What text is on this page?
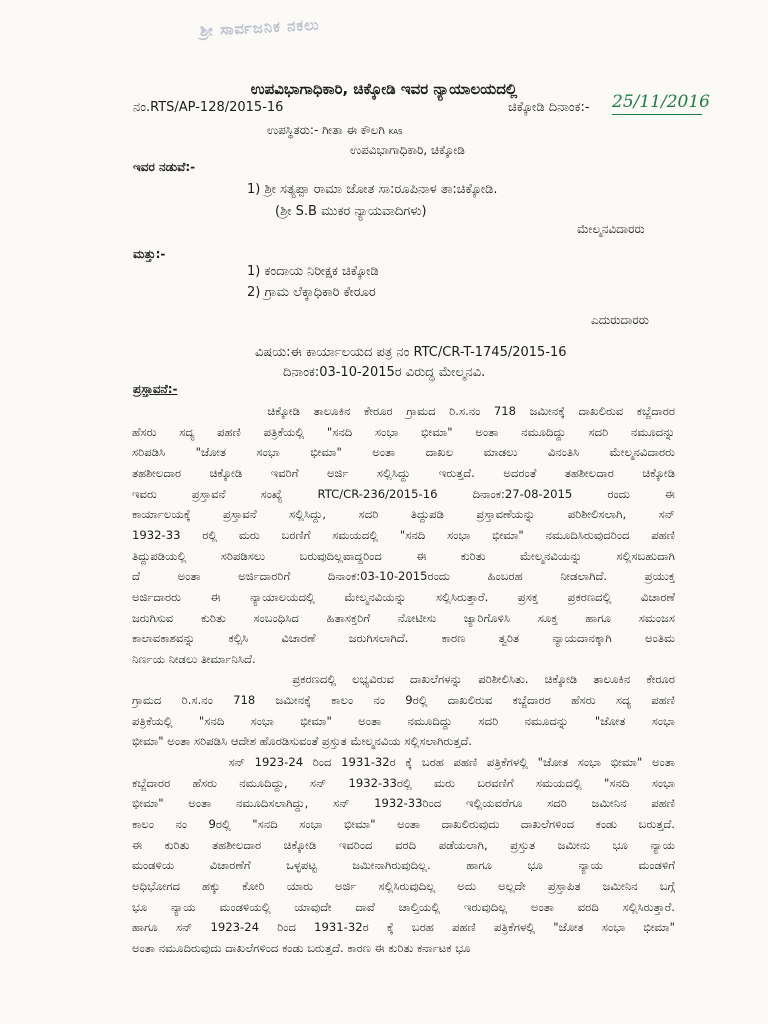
ಶ್ರೀ ಸಾರ್ವಜನಿಕ ನಕಲು
ಉಪವಿಭಾಗಾಧಿಕಾರಿ, ಚಿಕ್ಕೋಡಿ ಇವರ ನ್ಯಾಯಾಲಯದಲ್ಲಿ
ನಂ.RTS/AP-128/2015-16	ಚಿಕ್ಕೋಡಿ ದಿನಾಂಕ:- 25/11/2016
ಉಪಸ್ಥಿತರು:- ಗೀತಾ ಈ ಕೌಲಗಿ KAS
ಉಪವಿಭಾಗಾಧಿಕಾರಿ, ಚಿಕ್ಕೋಡಿ
ಇವರ ನಡುವೆ:-
1) ಶ್ರೀ ಸತ್ಯಪ್ಪಾ ರಾಮಾ ಜೋತ ಸಾ:ರೂಪಿನಾಳ ತಾ:ಚಿಕ್ಕೋಡಿ.
(ಶ್ರೀ S.B ಮುಕರ ನ್ಯಾಯವಾದಿಗಳು)
ಮೇಲ್ಮನವಿದಾರರು
ಮತ್ತು:-
1) ಕಂದಾಯ ನಿರೀಕ್ಷಕ ಚಿಕ್ಕೋಡಿ
2) ಗ್ರಾಮ ಲೆಕ್ಕಾಧಿಕಾರಿ ಕೇರೂರ
ಎದುರುದಾರರು
ವಿಷಯ:ಈ ಕಾರ್ಯಾಲಯದ ಪತ್ರ ನಂ RTC/CR-T-1745/2015-16
ದಿನಾಂಕ:03-10-2015ರ ವಿರುದ್ಧ ಮೇಲ್ಮನವಿ.
ಪ್ರಸ್ತಾವನೆ:-
ಚಿಕ್ಕೋಡಿ ತಾಲೂಕಿನ ಕೇರೂರ ಗ್ರಾಮದ ರಿ.ಸ.ನಂ 718 ಜಮೀನಕ್ಕೆ ದಾಖಲಿರುವ ಕಬ್ಜೆದಾರರ
ಹೆಸರು ಸದ್ಯ ಪಹಣಿ ಪತ್ರಿಕೆಯಲ್ಲಿ "ಸನದಿ ಸಂಭಾ ಭೀಮಾ" ಅಂತಾ ನಮೂದಿದ್ದು ಸದರಿ ನಮೂದನ್ನು
ಸರಿಪಡಿಸಿ "ಜೋತ ಸಂಭಾ ಭೀಮಾ" ಅಂತಾ ದಾಖಲ ಮಾಡಲು ವಿನಂತಿಸಿ ಮೇಲ್ಮನವಿದಾರರು
ತಹಶೀಲದಾರ ಚಿಕ್ಕೋಡಿ ಇವರಿಗೆ ಅರ್ಜಿ ಸಲ್ಲಿಸಿದ್ದು ಇರುತ್ತದೆ. ಅದರಂತೆ ತಹಶೀಲದಾರ ಚಿಕ್ಕೋಡಿ
ಇವರು ಪ್ರಸ್ತಾವನೆ ಸಂಖ್ಯೆ RTC/CR-236/2015-16 ದಿನಾಂಕ:27-08-2015 ರಂದು ಈ
ಕಾರ್ಯಾಲಯಕ್ಕೆ ಪ್ರಸ್ತಾವನೆ ಸಲ್ಲಿಸಿದ್ದು, ಸದರಿ ತಿದ್ದುಪಡಿ ಪ್ರಸ್ತಾವಣೆಯನ್ನು ಪರಿಶೀಲಿಸಲಾಗಿ, ಸನ್
1932-33 ರಲ್ಲಿ ಮರು ಬರಣಿಗೆ ಸಮಯದಲ್ಲಿ "ಸನದಿ ಸಂಭಾ ಭೀಮಾ" ನಮೂದಿಸಿರುವುದರಿಂದ ಪಹಣಿ
ತಿದ್ದುಪಡಿಯಲ್ಲಿ ಸರಿಪಡಿಸಲು ಬರುವುದಿಲ್ಲವಾದ್ದರಿಂದ ಈ ಕುರಿತು ಮೇಲ್ಮನವಿಯನ್ನು ಸಲ್ಲಿಸಬಹುದಾಗಿ
ದೆ ಅಂತಾ ಅರ್ಜಿದಾರರಿಗೆ ದಿನಾಂಕ:03-10-2015ರಂದು ಹಿಂಬರಹ ನೀಡಲಾಗಿದೆ. ಪ್ರಯುಕ್ತ
ಅರ್ಜಿದಾರರು ಈ ನ್ಯಾಯಾಲಯದಲ್ಲಿ ಮೇಲ್ಮನವಿಯನ್ನು ಸಲ್ಲಿಸಿರುತ್ತಾರೆ. ಪ್ರಸಕ್ತ ಪ್ರಕರಣದಲ್ಲಿ ವಿಚಾರಣೆ
ಜರುಗಿಸುವ ಕುರಿತು ಸಂಬಂಧಿಸಿದ ಹಿತಾಸಕ್ತರಿಗೆ ನೋಟೀಸು ಜ್ಯಾರಿಗೊಳಿಸಿ ಸೂಕ್ತ ಹಾಗೂ ಸಮಂಜಸ
ಕಾಲಾವಕಾಶವನ್ನು ಕಲ್ಪಿಸಿ ವಿಚಾರಣೆ ಜರುಗಿಸಲಾಗಿದೆ. ಕಾರಣ ತ್ವರಿತ ನ್ಯಾಯದಾನಕ್ಕಾಗಿ ಅಂತಿಮ
ನಿರ್ಣಯ ನೀಡಲು ತೀರ್ಮಾನಿಸಿದೆ.
ಪ್ರಕರಣದಲ್ಲಿ ಲಭ್ಯವಿರುವ ದಾಖಲೆಗಳನ್ನು ಪರಿಶೀಲಿಸಿತು. ಚಿಕ್ಕೋಡಿ ತಾಲೂಕಿನ ಕೇರೂರ
ಗ್ರಾಮದ ರಿ.ಸ.ನಂ 718 ಜಮೀನಕ್ಕೆ ಕಾಲಂ ನಂ 9ರಲ್ಲಿ ದಾಖಲಿರುವ ಕಬ್ಜೆದಾರರ ಹೆಸರು ಸದ್ಯ ಪಹಣಿ
ಪತ್ರಿಕೆಯಲ್ಲಿ "ಸನದಿ ಸಂಭಾ ಭೀಮಾ" ಅಂತಾ ನಮೂದಿದ್ದು ಸದರಿ ನಮೂದನ್ನು "ಜೋತ ಸಂಭಾ
ಭೀಮಾ" ಅಂತಾ ಸರಿಪಡಿಸಿ ಆದೇಶ ಹೊರಡಿಸುವಂತೆ ಪ್ರಸ್ತುತ ಮೇಲ್ಮನವಿಯ ಸಲ್ಲಿಸಲಾಗಿರುತ್ತದೆ.
ಸನ್ 1923-24 ರಿಂದ 1931-32ರ ಕ್ಕೆ ಬರಹ ಪಹಣಿ ಪತ್ರಿಕೆಗಳಲ್ಲಿ "ಜೋತ ಸಂಭಾ ಭೀಮಾ" ಅಂತಾ
ಕಬ್ಜೆದಾರರ ಹೆಸರು ನಮೂದಿದ್ದು, ಸನ್ 1932-33ರಲ್ಲಿ ಮರು ಬರವಣಿಗೆ ಸಮಯದಲ್ಲಿ "ಸನದಿ ಸಂಭಾ
ಭೀಮಾ" ಅಂತಾ ನಮೂದಿಸಲಾಗಿದ್ದು, ಸನ್ 1932-33ರಿಂದ ಇಲ್ಲಿಯವರೆಗೂ ಸದರಿ ಜಮೀನಿನ ಪಹಣಿ
ಕಾಲಂ ನಂ 9ರಲ್ಲಿ "ಸನದಿ ಸಂಭಾ ಭೀಮಾ" ಅಂತಾ ದಾಖಲಿರುವುದು ದಾಖಲೆಗಳಿಂದ ಕಂಡು ಬರುತ್ತದೆ.
ಈ ಕುರಿತು ತಹಶೀಲದಾರ ಚಿಕ್ಕೋಡಿ ಇವರಿಂದ ವರದಿ ಪಡೆಯಲಾಗಿ, ಪ್ರಸ್ತುತ ಜಮೀನು ಭೂ ನ್ಯಾಯ
ಮಂಡಳಿಯ ವಿಚಾರಣೆಗೆ ಒಳ್ಳಪಟ್ಟ ಜಮೀನಾಗಿರುವುದಿಲ್ಲ. ಹಾಗೂ ಭೂ ನ್ಯಾಯ ಮಂಡಳಿಗೆ
ಅಧಿಭೋಗದ ಹಕ್ಕು ಕೋರಿ ಯಾರು ಅರ್ಜಿ ಸಲ್ಲಿಸಿರುವುದಿಲ್ಲ ಅದು ಅಲ್ಲದೇ ಪ್ರಸ್ತಾಪಿತ ಜಮೀನಿನ ಬಗ್ಗೆ
ಭೂ ನ್ಯಾಯ ಮಂಡಳಿಯಲ್ಲಿ ಯಾವುದೇ ದಾವೆ ಚಾಲ್ತಿಯಲ್ಲಿ ಇರುವುದಿಲ್ಲ ಅಂತಾ ವರದಿ ಸಲ್ಲಿಸಿರುತ್ತಾರೆ.
ಹಾಗೂ ಸನ್ 1923-24 ರಿಂದ 1931-32ರ ಕ್ಕೆ ಬರಹ ಪಹಣಿ ಪತ್ರಿಕೆಗಳಲ್ಲಿ "ಜೋತ ಸಂಭಾ ಭೀಮಾ"
ಅಂತಾ ನಮೂದಿರುವುದು ದಾಖಲೆಗಳಿಂದ ಕಂಡು ಬರುತ್ತದೆ. ಕಾರಣ ಈ ಕುರಿತು ಕರ್ನಾಟಕ ಭೂ
